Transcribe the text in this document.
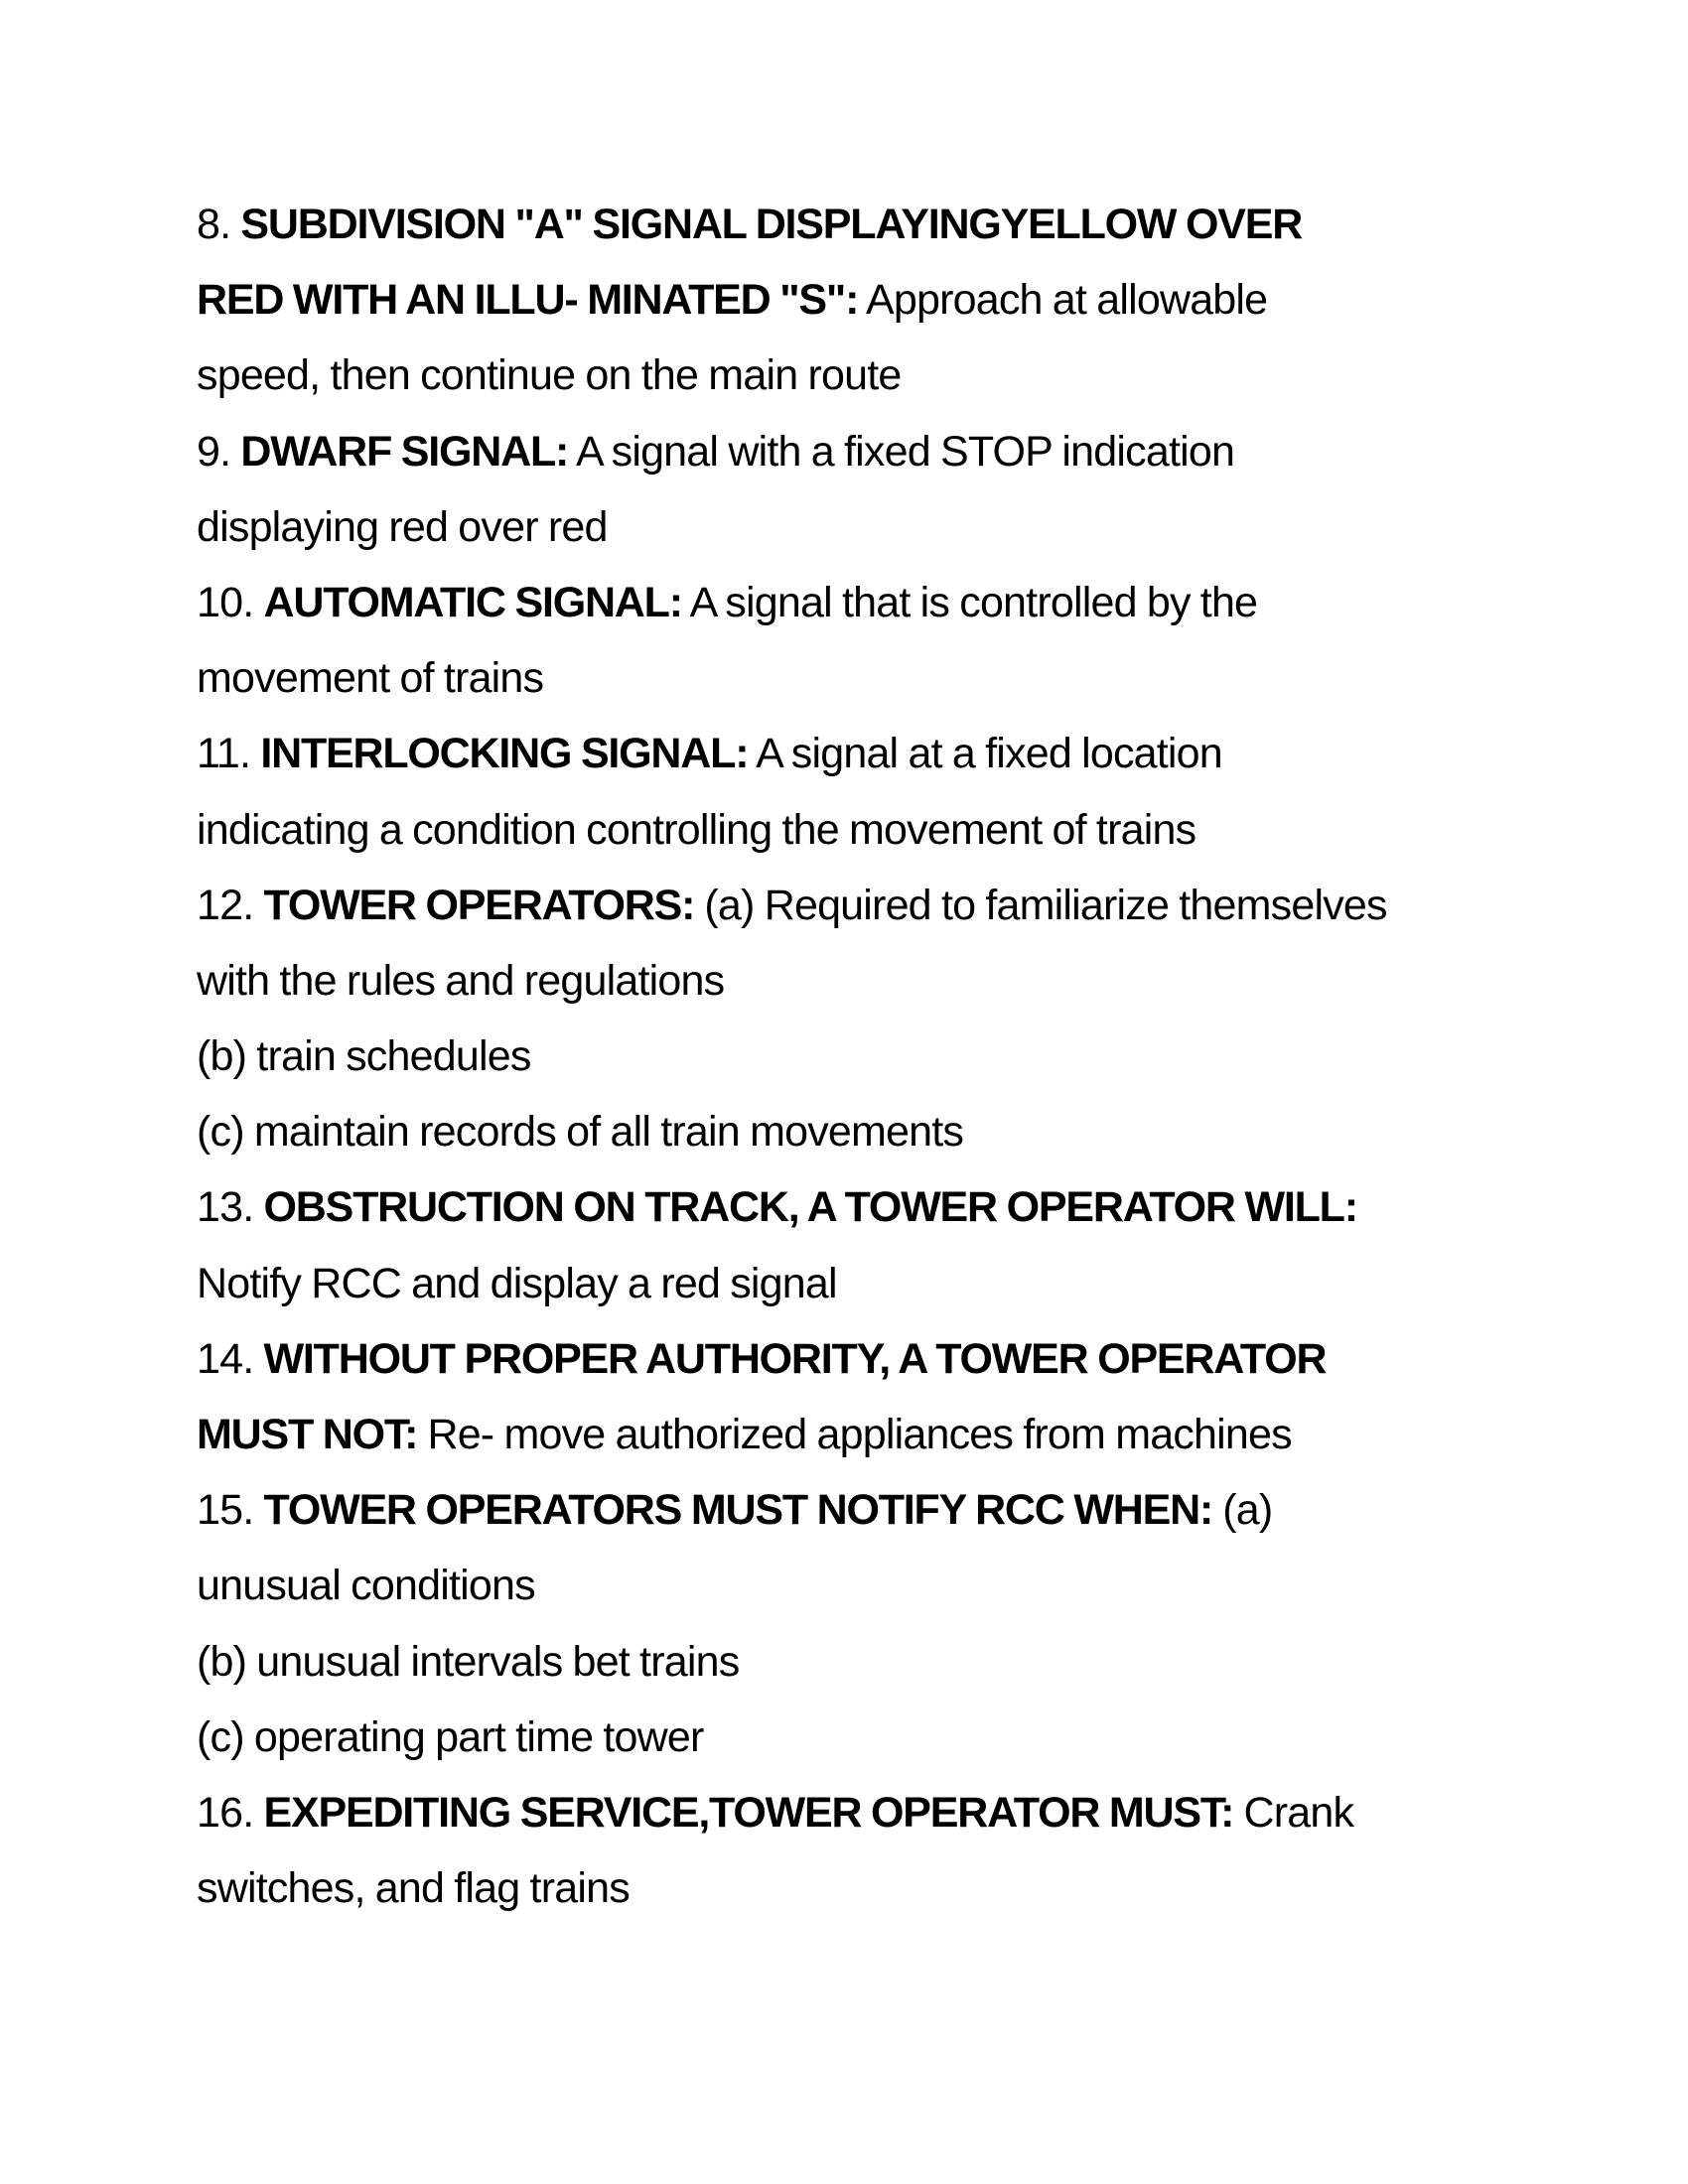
8. SUBDIVISION "A" SIGNAL DISPLAYINGYELLOW OVER
RED WITH AN ILLU- MINATED "S": Approach at allowable
speed, then continue on the main route
9. DWARF SIGNAL: A signal with a fixed STOP indication
displaying red over red
10. AUTOMATIC SIGNAL: A signal that is controlled by the
movement of trains
11. INTERLOCKING SIGNAL: A signal at a fixed location
indicating a condition controlling the movement of trains
12. TOWER OPERATORS: (a) Required to familiarize themselves
with the rules and regulations
(b) train schedules
(c) maintain records of all train movements
13. OBSTRUCTION ON TRACK, A TOWER OPERATOR WILL:
Notify RCC and display a red signal
14. WITHOUT PROPER AUTHORITY, A TOWER OPERATOR
MUST NOT: Re- move authorized appliances from machines
15. TOWER OPERATORS MUST NOTIFY RCC WHEN: (a)
unusual conditions
(b) unusual intervals bet trains
(c) operating part time tower
16. EXPEDITING SERVICE,TOWER OPERATOR MUST: Crank
switches, and flag trains
